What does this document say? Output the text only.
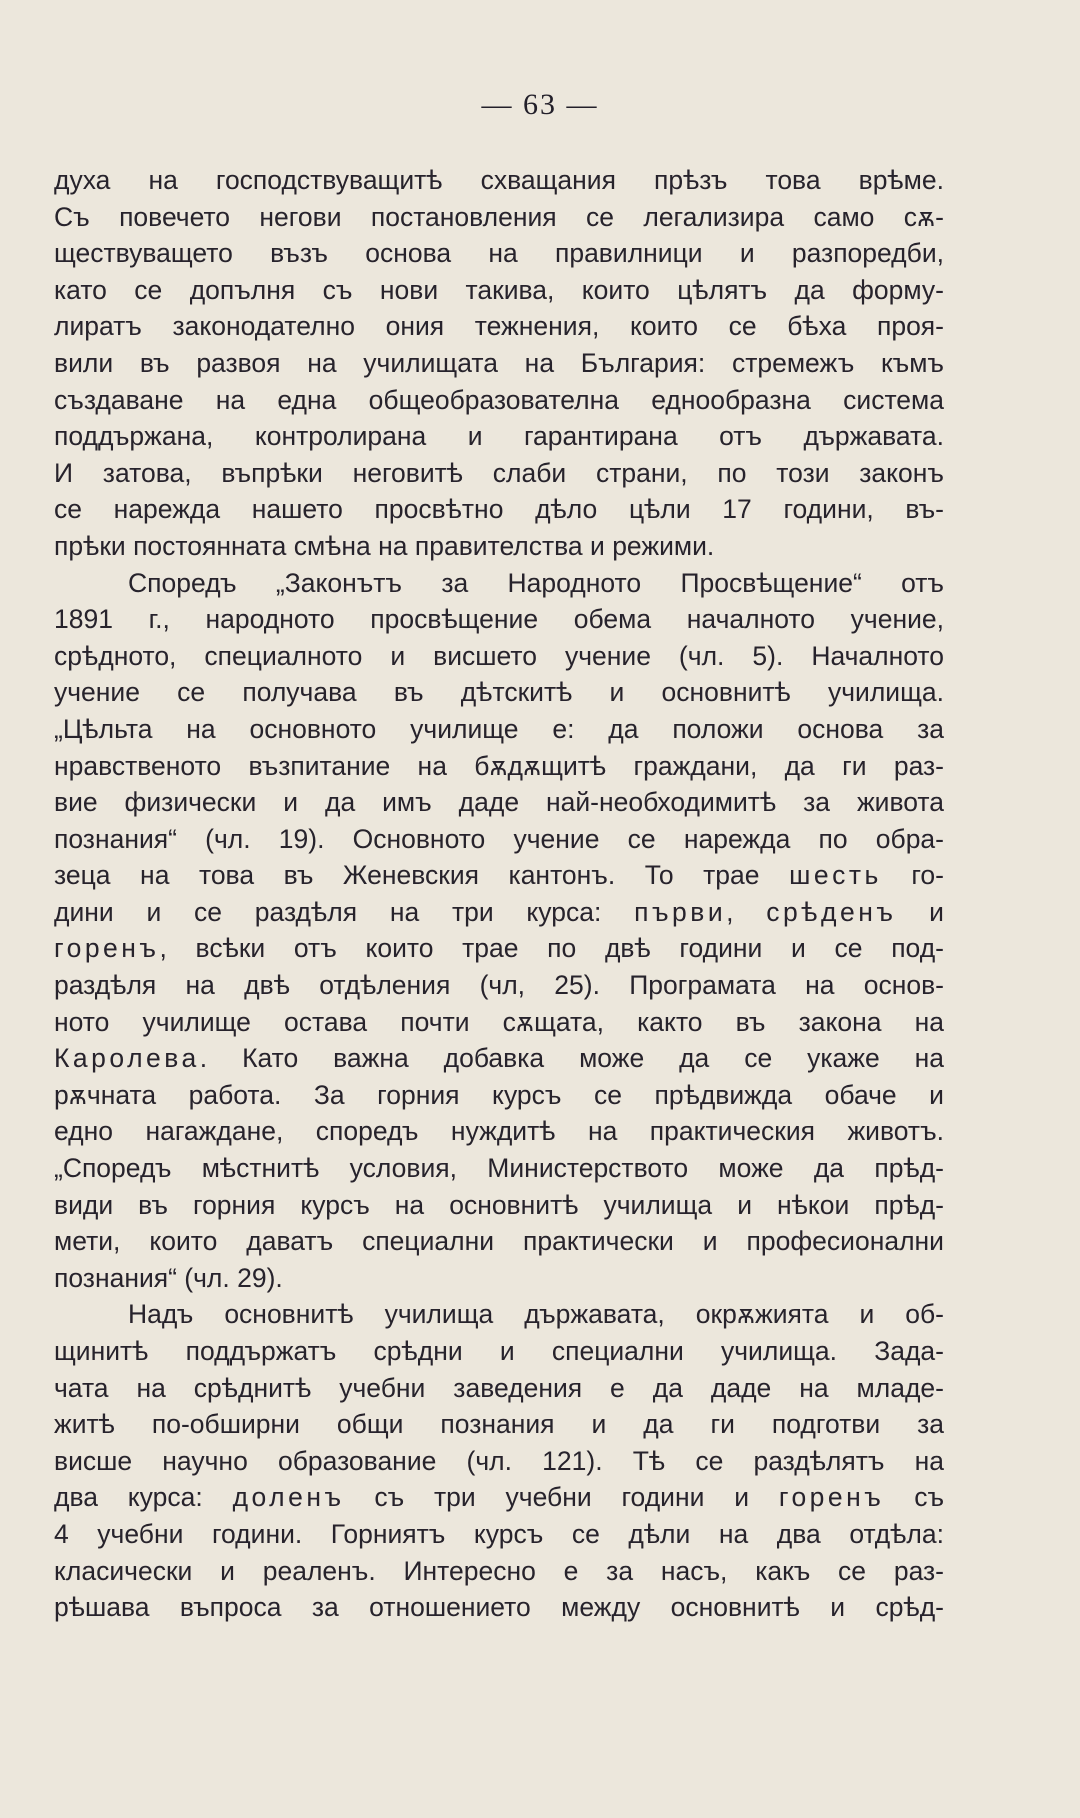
— 63 —
духа на господствуващитѣ схващания прѣзъ това врѣме.
Съ повечето негови постановления се легализира само сѫ-
ществуващето възъ основа на правилници и разпоредби,
като се допълня съ нови такива, които цѣлятъ да форму-
лиратъ законодателно ония тежнения, които се бѣха проя-
вили въ развоя на училищата на България: стремежъ къмъ
създаване на една общеобразователна еднообразна система
поддържана, контролирана и гарантирана отъ държавата.
И затова, въпрѣки неговитѣ слаби страни, по този законъ
се нарежда нашето просвѣтно дѣло цѣли 17 години, въ-
прѣки постоянната смѣна на правителства и режими.
Споредъ „Законътъ за Народното Просвѣщение“ отъ
1891 г., народното просвѣщение обема началното учение,
срѣдното, специалното и висшето учение (чл. 5). Началното
учение се получава въ дѣтскитѣ и основнитѣ училища.
„Цѣльта на основното училище е: да положи основа за
нравственото възпитание на бѫдѫщитѣ граждани, да ги раз-
вие физически и да имъ даде най-необходимитѣ за живота
познания“ (чл. 19). Основното учение се нарежда по обра-
зеца на това въ Женевския кантонъ. То трае шесть го-
дини и се раздѣля на три курса: първи, срѣденъ и
горенъ, всѣки отъ които трае по двѣ години и се под-
раздѣля на двѣ отдѣления (чл, 25). Програмата на основ-
ното училище остава почти сѫщата, както въ закона на
Каролева. Като важна добавка може да се укаже на
рѫчната работа. За горния курсъ се прѣдвижда обаче и
едно нагаждане, споредъ нуждитѣ на практическия животъ.
„Споредъ мѣстнитѣ условия, Министерството може да прѣд-
види въ горния курсъ на основнитѣ училища и нѣкои прѣд-
мети, които даватъ специални практически и професионални
познания“ (чл. 29).
Надъ основнитѣ училища държавата, окрѫжията и об-
щинитѣ поддържатъ срѣдни и специални училища. Зада-
чата на срѣднитѣ учебни заведения е да даде на младе-
житѣ по-обширни общи познания и да ги подготви за
висше научно образование (чл. 121). Тѣ се раздѣлятъ на
два курса: доленъ съ три учебни години и горенъ съ
4 учебни години. Горниятъ курсъ се дѣли на два отдѣла:
класически и реаленъ. Интересно е за насъ, какъ се раз-
рѣшава въпроса за отношението между основнитѣ и срѣд-
